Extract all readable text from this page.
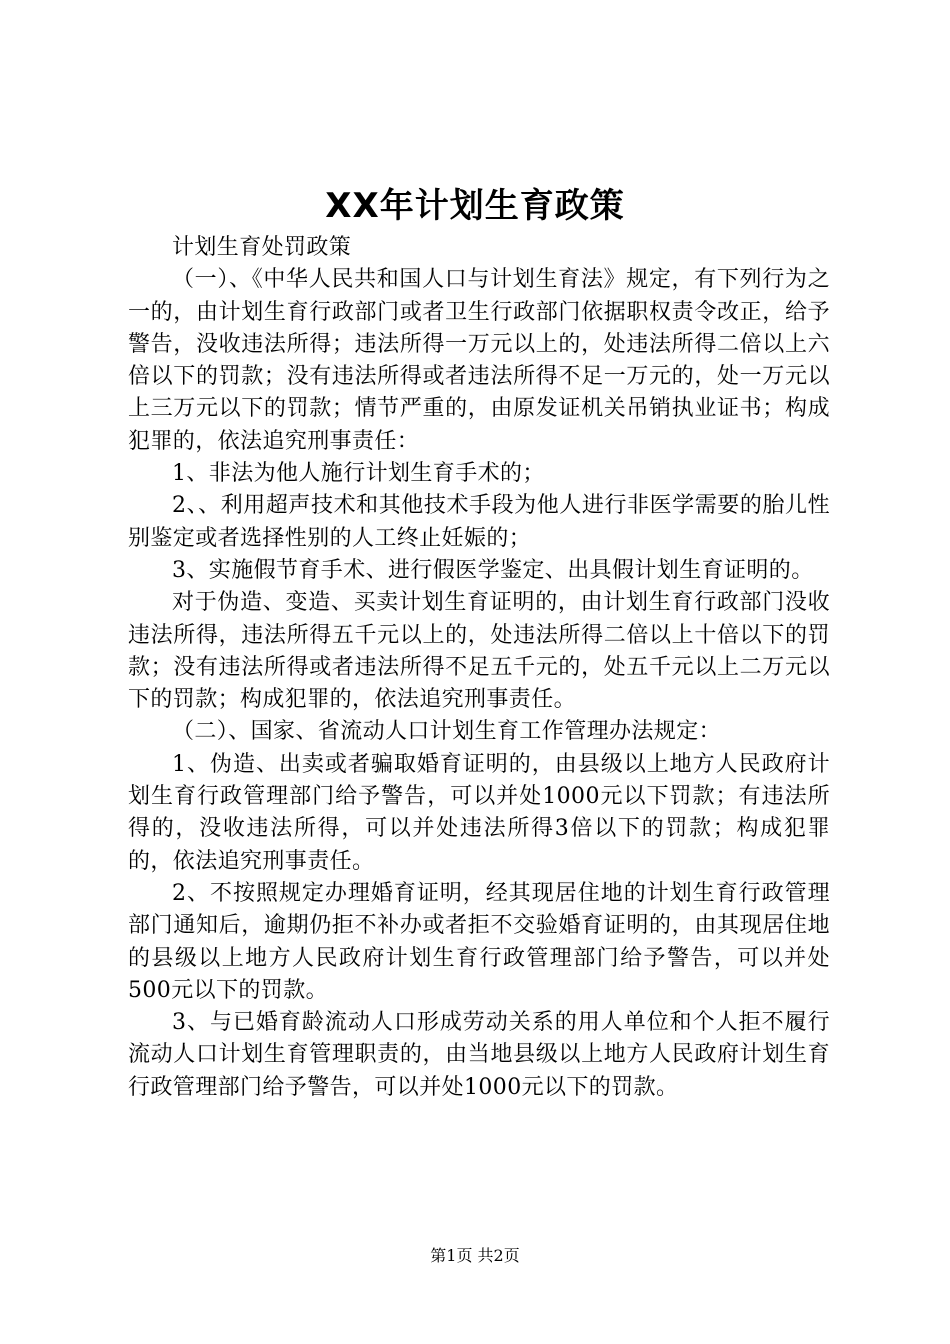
XX年计划生育政策

计划生育处罚政策

（一）、《中华人民共和国人口与计划生育法》规定，有下列行为之一的，由计划生育行政部门或者卫生行政部门依据职权责令改正，给予警告，没收违法所得；违法所得一万元以上的，处违法所得二倍以上六倍以下的罚款；没有违法所得或者违法所得不足一万元的，处一万元以上三万元以下的罚款；情节严重的，由原发证机关吊销执业证书；构成犯罪的，依法追究刑事责任：

1、非法为他人施行计划生育手术的；

2、、利用超声技术和其他技术手段为他人进行非医学需要的胎儿性别鉴定或者选择性别的人工终止妊娠的；

3、实施假节育手术、进行假医学鉴定、出具假计划生育证明的。

对于伪造、变造、买卖计划生育证明的，由计划生育行政部门没收违法所得，违法所得五千元以上的，处违法所得二倍以上十倍以下的罚款；没有违法所得或者违法所得不足五千元的，处五千元以上二万元以下的罚款；构成犯罪的，依法追究刑事责任。

（二）、国家、省流动人口计划生育工作管理办法规定：

1、伪造、出卖或者骗取婚育证明的，由县级以上地方人民政府计划生育行政管理部门给予警告，可以并处1000元以下罚款；有违法所得的，没收违法所得，可以并处违法所得3倍以下的罚款；构成犯罪的，依法追究刑事责任。

2、不按照规定办理婚育证明，经其现居住地的计划生育行政管理部门通知后，逾期仍拒不补办或者拒不交验婚育证明的，由其现居住地的县级以上地方人民政府计划生育行政管理部门给予警告，可以并处500元以下的罚款。

3、与已婚育龄流动人口形成劳动关系的用人单位和个人拒不履行流动人口计划生育管理职责的，由当地县级以上地方人民政府计划生育行政管理部门给予警告，可以并处1000元以下的罚款。

第1页 共2页
